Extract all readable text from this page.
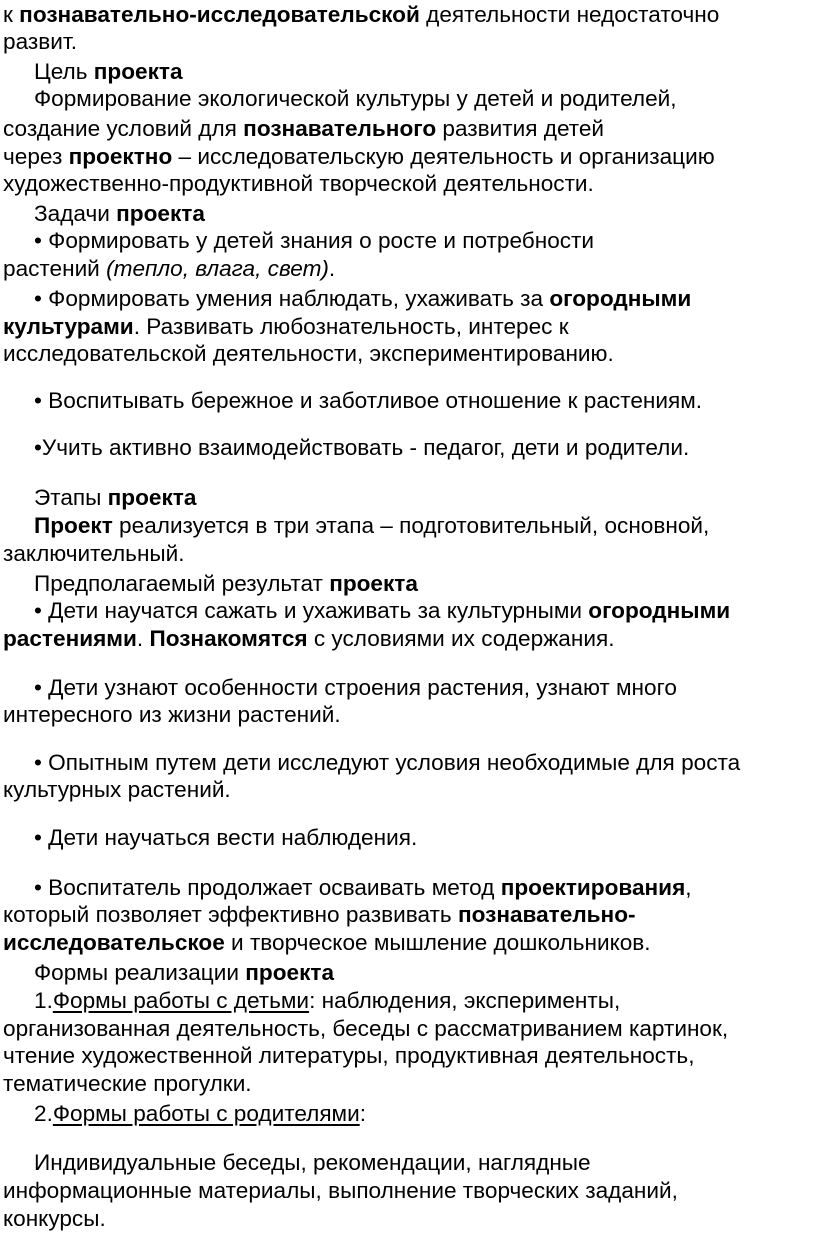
к познавательно-исследовательской деятельности недостаточно
развит.
Цель проекта
Формирование экологической культуры у детей и родителей,
создание условий для познавательного развития детей
через проектно – исследовательскую деятельность и организацию
художественно-продуктивной творческой деятельности.
Задачи проекта
• Формировать у детей знания о росте и потребности
растений (тепло, влага, свет).
• Формировать умения наблюдать, ухаживать за огородными
культурами. Развивать любознательность, интерес к
исследовательской деятельности, экспериментированию.
• Воспитывать бережное и заботливое отношение к растениям.
•Учить активно взаимодействовать - педагог, дети и родители.
Этапы проекта
Проект реализуется в три этапа – подготовительный, основной,
заключительный.
Предполагаемый результат проекта
• Дети научатся сажать и ухаживать за культурными огородными
растениями. Познакомятся с условиями их содержания.
• Дети узнают особенности строения растения, узнают много
интересного из жизни растений.
• Опытным путем дети исследуют условия необходимые для роста
культурных растений.
• Дети научаться вести наблюдения.
• Воспитатель продолжает осваивать метод проектирования,
который позволяет эффективно развивать познавательно-
исследовательское и творческое мышление дошкольников.
Формы реализации проекта
1.Формы работы с детьми: наблюдения, эксперименты,
организованная деятельность, беседы с рассматриванием картинок,
чтение художественной литературы, продуктивная деятельность,
тематические прогулки.
2.Формы работы с родителями:
Индивидуальные беседы, рекомендации, наглядные
информационные материалы, выполнение творческих заданий,
конкурсы.
